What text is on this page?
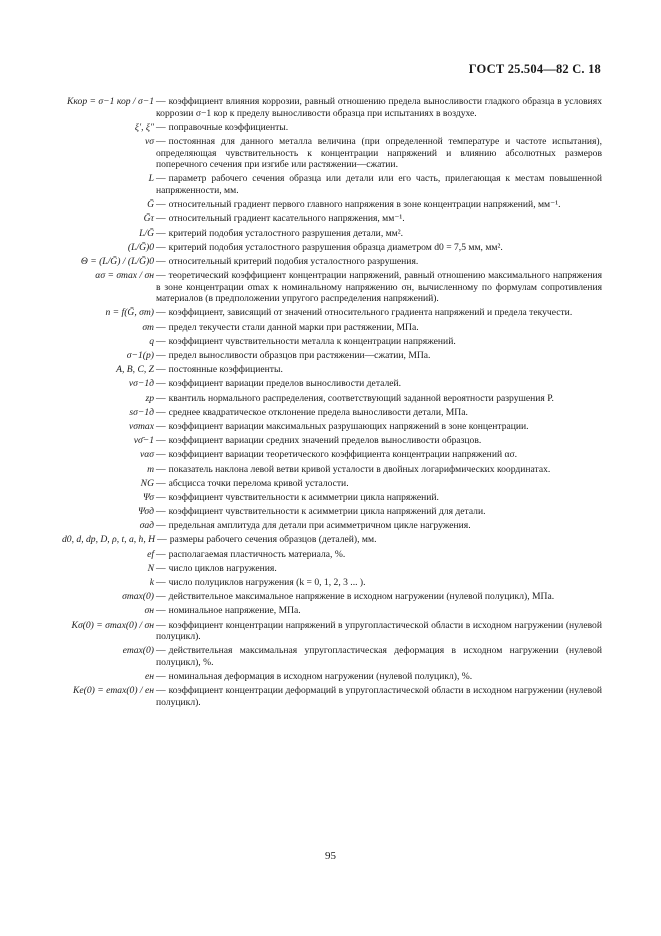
ГОСТ 25.504—82 С. 18
Kкор = σ−1 кор / σ−1 — коэффициент влияния коррозии, равный отношению предела выносливости гладкого образца в условиях коррозии σ−1 кор к пределу выносливости образца при испытаниях в воздухе.
ξ′, ξ″ — поправочные коэффициенты.
νσ — постоянная для данного металла величина (при определенной температуре и частоте испытания), определяющая чувствительность к концентрации напряжений и влиянию абсолютных размеров поперечного сечения при изгибе или растяжении—сжатии.
L — параметр рабочего сечения образца или детали или его часть, прилегающая к местам повышенной напряженности, мм.
Ḡ — относительный градиент первого главного напряжения в зоне концентрации напряжений, мм⁻¹.
Ḡτ — относительный градиент касательного напряжения, мм⁻¹.
L/Ḡ — критерий подобия усталостного разрушения детали, мм².
(L/Ḡ)0 — критерий подобия усталостного разрушения образца диаметром d0 = 7,5 мм, мм².
Θ = (L/Ḡ) / (L/Ḡ)0 — относительный критерий подобия усталостного разрушения.
ασ = σmax / σн — теоретический коэффициент концентрации напряжений, равный отношению максимального напряжения в зоне концентрации σmax к номинальному напряжению σн, вычисленному по формулам сопротивления материалов (в предположении упругого распределения напряжений).
n = f(Ḡ, σт) — коэффициент, зависящий от значений относительного градиента напряжений и предела текучести.
σт — предел текучести стали данной марки при растяжении, МПа.
q — коэффициент чувствительности металла к концентрации напряжений.
σ−1(р) — предел выносливости образцов при растяжении—сжатии, МПа.
A, B, C, Z — постоянные коэффициенты.
vσ−1д — коэффициент вариации пределов выносливости деталей.
zp — квантиль нормального распределения, соответствующий заданной вероятности разрушения P.
sσ−1д — среднее квадратическое отклонение предела выносливости детали, МПа.
vσmax — коэффициент вариации максимальных разрушающих напряжений в зоне концентрации.
vσ̄−1 — коэффициент вариации средних значений пределов выносливости образцов.
vασ — коэффициент вариации теоретического коэффициента концентрации напряжений ασ.
m — показатель наклона левой ветви кривой усталости в двойных логарифмических координатах.
NG — абсцисса точки перелома кривой усталости.
Ψσ — коэффициент чувствительности к асимметрии цикла напряжений.
Ψσд — коэффициент чувствительности к асимметрии цикла напряжений для детали.
σад — предельная амплитуда для детали при асимметричном цикле нагружения.
d0, d, dр, D, ρ, t, a, h, H — размеры рабочего сечения образцов (деталей), мм.
ef — располагаемая пластичность материала, %.
N — число циклов нагружения.
k — число полуциклов нагружения (k = 0, 1, 2, 3 ... ).
σmax(0) — действительное максимальное напряжение в исходном нагружении (нулевой полуцикл), МПа.
σн — номинальное напряжение, МПа.
Kσ(0) = σmax(0) / σн — коэффициент концентрации напряжений в упругопластической области в исходном нагружении (нулевой полуцикл).
emax(0) — действительная максимальная упругопластическая деформация в исходном нагружении (нулевой полуцикл), %.
eн — номинальная деформация в исходном нагружении (нулевой полуцикл), %.
Ke(0) = emax(0) / eн — коэффициент концентрации деформаций в упругопластической области в исходном нагружении (нулевой полуцикл).
95
